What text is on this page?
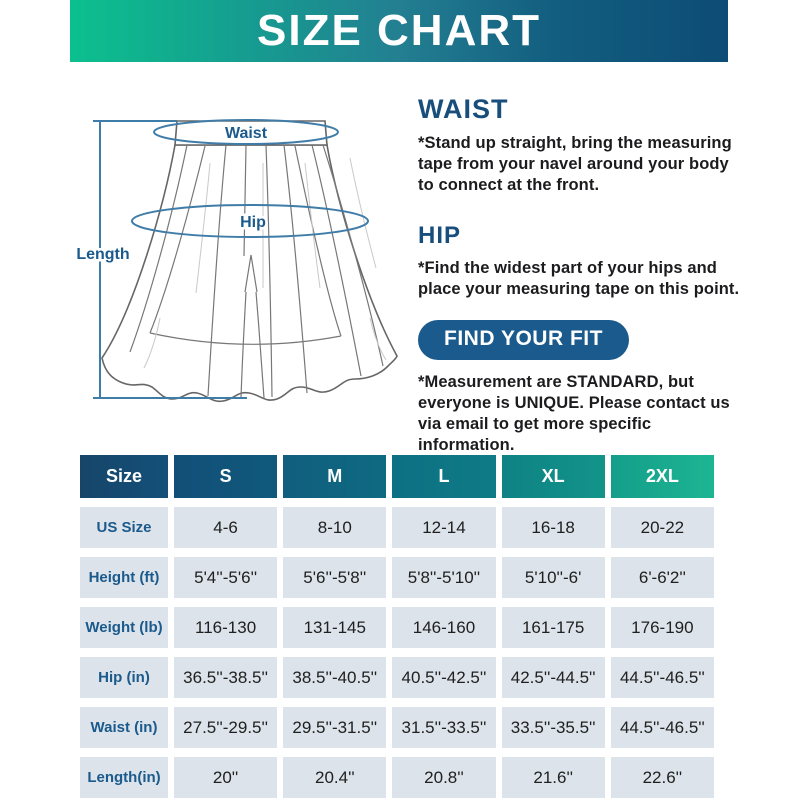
SIZE CHART
Waist
Hip
Length
WAIST

*Stand up straight, bring the measuring tape from your navel around your body to connect at the front.

HIP

*Find the widest part of your hips and place your measuring tape on this point.

FIND YOUR FIT

*Measurement are STANDARD, but everyone is UNIQUE. Please contact us via email to get more specific information.

Size	S	M	L	XL	2XL
US Size	4-6	8-10	12-14	16-18	20-22
Height (ft)	5'4''-5'6''	5'6''-5'8''	5'8''-5'10''	5'10''-6'	6'-6'2''
Weight (lb)	116-130	131-145	146-160	161-175	176-190
Hip (in)	36.5''-38.5''	38.5''-40.5''	40.5''-42.5''	42.5''-44.5''	44.5''-46.5''
Waist (in)	27.5''-29.5''	29.5''-31.5''	31.5''-33.5''	33.5''-35.5''	44.5''-46.5''
Length(in)	20''	20.4''	20.8''	21.6''	22.6''
